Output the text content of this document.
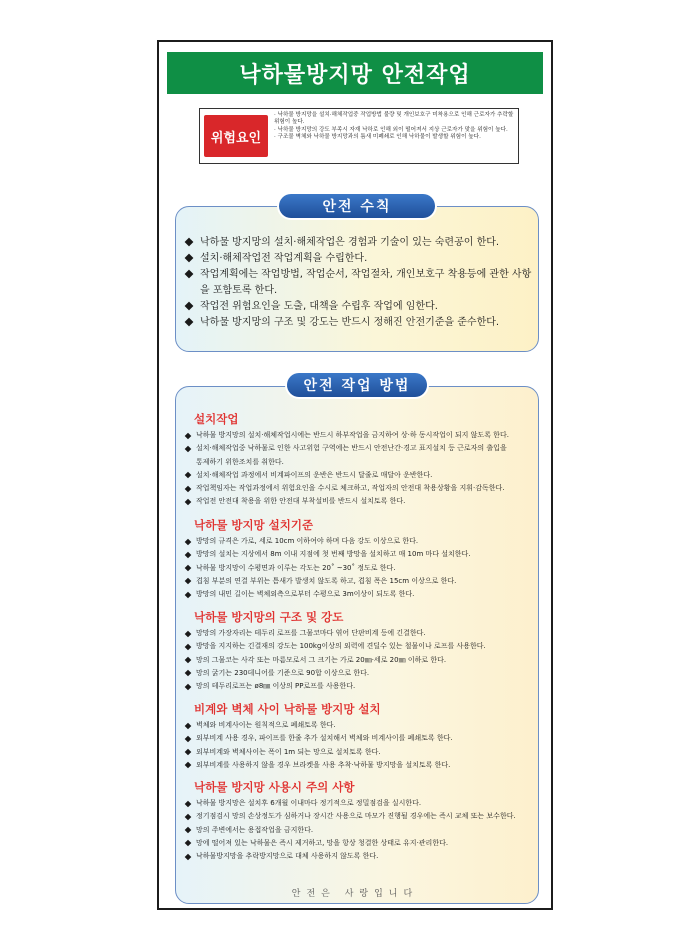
낙하물방지망 안전작업
위험요인
· 낙하물 방지망을 설치·해체작업중 작업방법 불량 및 개인보호구 미착용으로 인해 근로자가 추락할 위험이 높다.
· 낙하물 방지망의 강도 부족시 자재 낙하로 인해 외이 떨어져서 지상 근로자가 맞을 위험이 높다.
· 구조물 벽체와 낙하물 방지망과의 틈새 미폐쇄로 인해 낙하물이 발생할 위험이 높다.
낙하물 방지망의 설치·해체작업은 경험과 기술이 있는 숙련공이 한다.
설치·해체작업전 작업계획을 수립한다.
작업계획에는 작업방법, 작업순서, 작업절차, 개인보호구 착용등에 관한 사항을 포함토록 한다.
작업전 위험요인을 도출, 대책을 수립후 작업에 임한다.
낙하물 방지망의 구조 및 강도는 반드시 정해진 안전기준을 준수한다.
안전 수칙
설치작업
낙하물 방지망의 설치·해체작업시에는 반드시 하부작업을 금지하여 상·하 동시작업이 되지 않도록 한다.
설치·해체작업중 낙하물로 인한 사고위험 구역에는 반드시 안전난간·경고 표지설치 등 근로자의 출입을
통제하기 위한조치를 취한다.
설치·해체작업 과정에서 비계파이프의 운반은 반드시 달줄로 매달아 운반한다.
작업책임자는 작업과정에서 위험요인을 수시로 체크하고, 작업자의 안전대 착용상황을 지휘·감독한다.
작업전 안전대 착용을 위한 안전대 부착설비를 반드시 설치토록 한다.
낙하물 방지망 설치기준
방망의 규격은 가로, 세로 10cm 이하여야 하며 다음 강도 이상으로 한다.
방망의 설치는 지상에서 8m 이내 지점에 첫 번째 방망을 설치하고 매 10m 마다 설치한다.
낙하물 방지망이 수평면과 이루는 각도는 20˚ ~30˚ 정도로 한다.
겹침 부분의 연결 부위는 틈새가 발생치 않도록 하고, 겹침 폭은 15cm 이상으로 한다.
방망의 내민 길이는 벽체외측으로부터 수평으로 3m이상이 되도록 한다.
낙하물 방지망의 구조 및 강도
망망의 가장자리는 테두리 로프를 그물코마다 엮어 단판비계 등에 긴결한다.
방망을 지지하는 긴결재의 강도는 100kg이상의 외력에 견딜수 있는 철물이나 로프를 사용한다.
망의 그물코는 사각 또는 마름모로서 그 크기는 가로 20㎜·세로 20㎜ 이하로 한다.
망의 굵기는 230데니어를 기준으로 90합 이상으로 한다.
망의 테두리로프는 ø8㎜ 이상의 PP로프를 사용한다.
비계와 벽체 사이 낙하물 방지망 설치
벽체와 비계사이는 원칙적으로 폐쇄토록 한다.
외부비계 사용 경우, 파이프를 한줄 추가 설치해서 벽체와 비계사이를 폐쇄토록 한다.
외부비계와 벽체사이는 폭이 1m 되는 망으로 설치토록 한다.
외부비계를 사용하지 않을 경우 브라켓을 사용 추착·낙하물 방지망을 설치토록 한다.
낙하물 방지망 사용시 주의 사항
낙하물 방지망은 설치후 6개월 이내마다 정기적으로 정밀점검을 실시한다.
정기점검시 망의 손상정도가 심하거나 장시간 사용으로 마모가 진행될 경우에는 즉시 교체 또는 보수한다.
망의 주변에서는 용접작업을 금지한다.
망에 떨어져 있는 낙하물은 즉시 제거하고, 망을 항상 청결한 상태로 유지·관리한다.
낙하물방지망을 추락방지망으로 대체 사용하지 않도록 한다.
안전 작업 방법
안전은 사랑입니다
